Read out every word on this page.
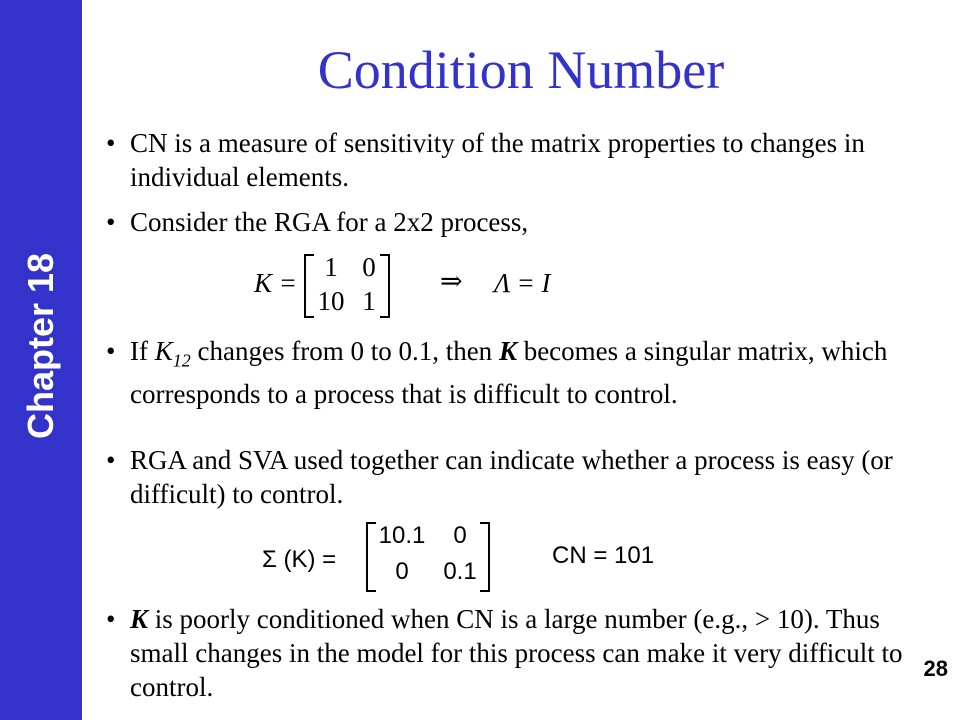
Chapter 18
Condition Number
• CN is a measure of sensitivity of the matrix properties to changes in individual elements.
• Consider the RGA for a 2x2 process,
K =
1 0
10 1
⇒ Λ = I
• If $K_{12}$ changes from 0 to 0.1, then K becomes a singular matrix, which corresponds to a process that is difficult to control.
• RGA and SVA used together can indicate whether a process is easy (or difficult) to control.
Σ (K) =
10.1	0
0	0.1
CN = 101
• K is poorly conditioned when CN is a large number (e.g., > 10). Thus small changes in the model for this process can make it very difficult to control.
28
